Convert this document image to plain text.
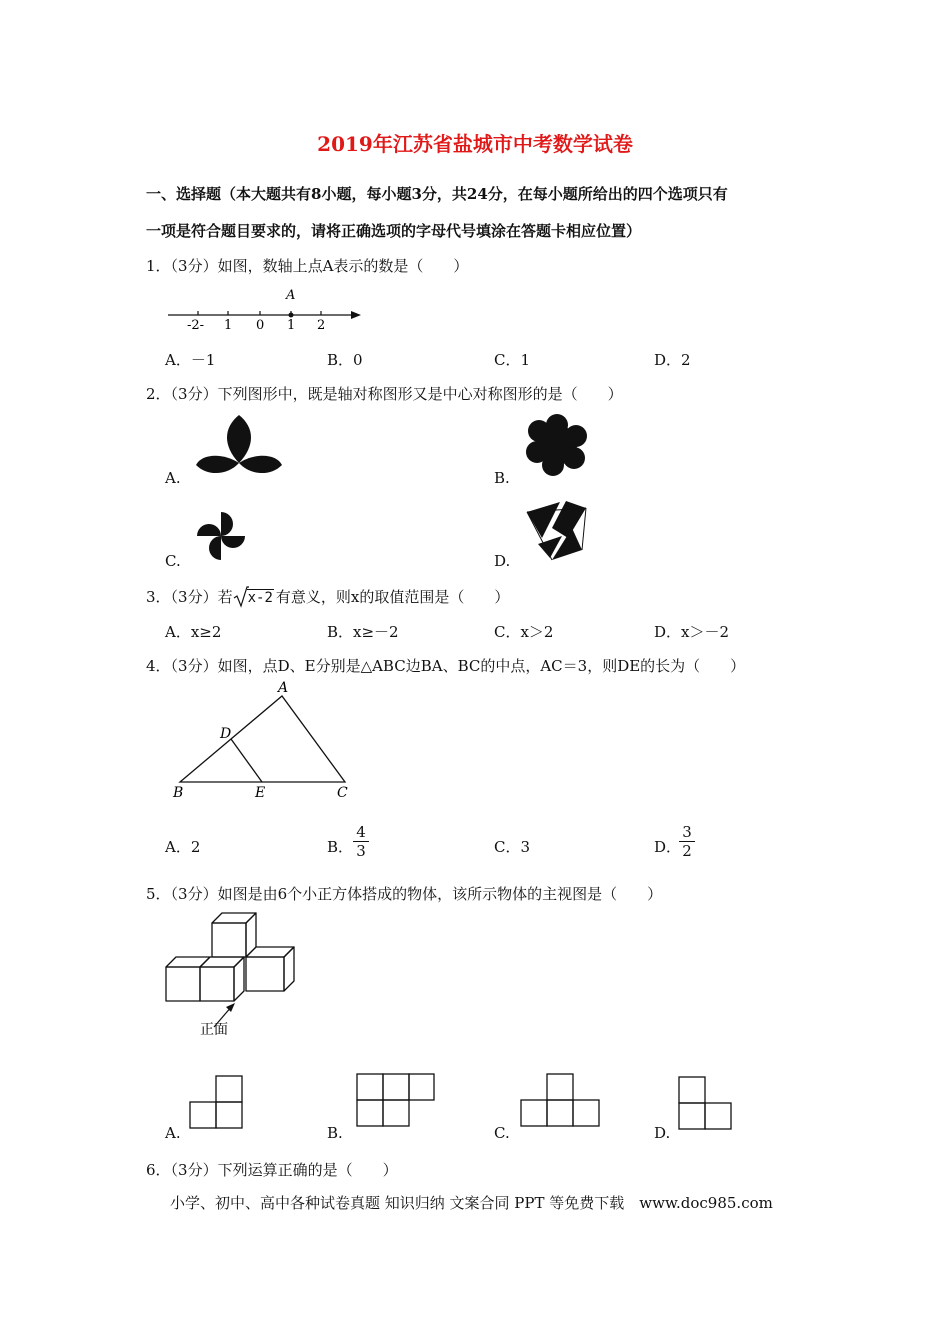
2019年江苏省盐城市中考数学试卷
一、选择题（本大题共有8小题，每小题3分，共24分，在每小题所给出的四个选项只有
一项是符合题目要求的，请将正确选项的字母代号填涂在答题卡相应位置）
1．（3分）如图，数轴上点A表示的数是（　　）
A
-2- 1 0 1 2
A．－1	B．0	C．1	D．2
2．（3分）下列图形中，既是轴对称图形又是中心对称图形的是（　　）
A.	B.
C.	D.
3．（3分）若 x-2 有意义，则x的取值范围是（　　）
A．x≥2	B．x≥－2	C．x＞2	D．x＞－2
4．（3分）如图，点D、E分别是△ABC边BA、BC的中点，AC＝3，则DE的长为（　　）
A
D
B	E	C
A．2	B．
4
3	C．3	D．
3
2
5．（3分）如图是由6个小正方体搭成的物体，该所示物体的主视图是（　　）
正面
A.	B.	C.	D.
6．（3分）下列运算正确的是（　　）
小学、初中、高中各种试卷真题 知识归纳 文案合同 PPT 等免费下载　www.doc985.com
